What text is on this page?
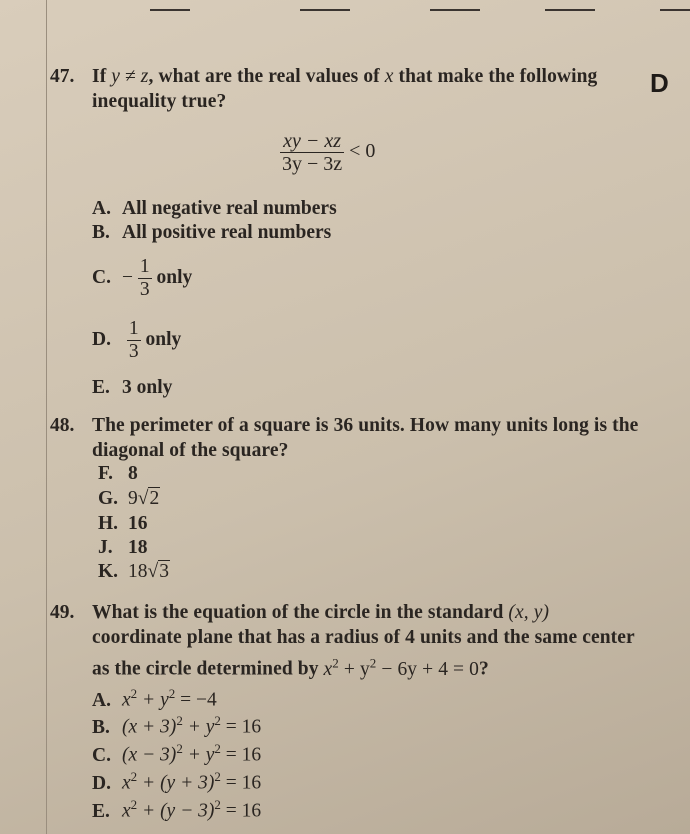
D
47. If y ≠ z, what are the real values of x that make the following inequality true?
$\frac{xy - xz}{3y - 3z} < 0$
A. All negative real numbers
B. All positive real numbers
C. − $\frac{1}{3}$ only
D. $\frac{1}{3}$ only
E. 3 only
48. The perimeter of a square is 36 units. How many units long is the diagonal of the square?
F. 8
G. 9√2
H. 16
J. 18
K. 18√3
49. What is the equation of the circle in the standard (x, y) coordinate plane that has a radius of 4 units and the same center as the circle determined by $x^2 + y^2 - 6y + 4 = 0$?
A. $x^2 + y^2 = -4$
B. $(x + 3)^2 + y^2 = 16$
C. $(x - 3)^2 + y^2 = 16$
D. $x^2 + (y + 3)^2 = 16$
E. $x^2 + (y - 3)^2 = 16$
